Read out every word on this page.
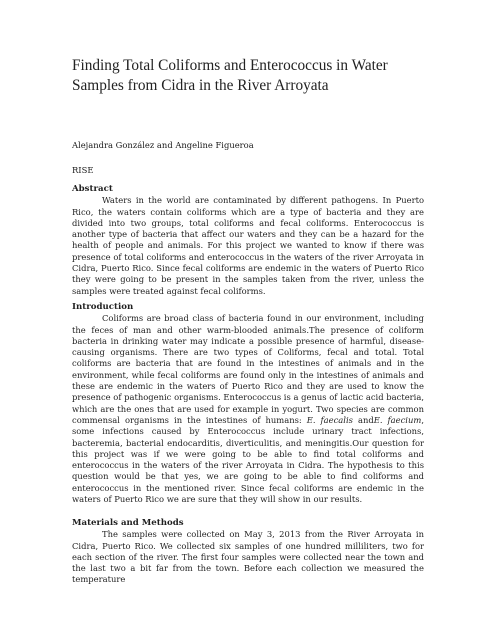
Finding Total Coliforms and Enterococcus in Water Samples from Cidra in the River Arroyata
Alejandra González and Angeline Figueroa
RISE
Abstract

Waters in the world are contaminated by different pathogens. In Puerto Rico, the waters contain coliforms which are a type of bacteria and they are divided into two groups, total coliforms and fecal coliforms. Enterococcus is another type of bacteria that affect our waters and they can be a hazard for the health of people and animals. For this project we wanted to know if there was presence of total coliforms and enterococcus in the waters of the river Arroyata in Cidra, Puerto Rico. Since fecal coliforms are endemic in the waters of Puerto Rico they were going to be present in the samples taken from the river, unless the samples were treated against fecal coliforms.

Introduction

Coliforms are broad class of bacteria found in our environment, including the feces of man and other warm-blooded animals.The presence of coliform bacteria in drinking water may indicate a possible presence of harmful, disease-causing organisms. There are two types of Coliforms, fecal and total. Total coliforms are bacteria that are found in the intestines of animals and in the environment, while fecal coliforms are found only in the intestines of animals and these are endemic in the waters of Puerto Rico and they are used to know the presence of pathogenic organisms. Enterococcus is a genus of lactic acid bacteria, which are the ones that are used for example in yogurt. Two species are common commensal organisms in the intestines of humans: E. faecalis andE. faecium, some infections caused by Enterococcus include urinary tract infections, bacteremia, bacterial endocarditis, diverticulitis, and meningitis.Our question for this project was if we were going to be able to find total coliforms and enterococcus in the waters of the river Arroyata in Cidra. The hypothesis to this question would be that yes, we are going to be able to find coliforms and enterococcus in the mentioned river. Since fecal coliforms are endemic in the waters of Puerto Rico we are sure that they will show in our results.

Materials and Methods

The samples were collected on May 3, 2013 from the River Arroyata in Cidra, Puerto Rico. We collected six samples of one hundred milliliters, two for each section of the river. The first four samples were collected near the town and the last two a bit far from the town. Before each collection we measured the temperature
